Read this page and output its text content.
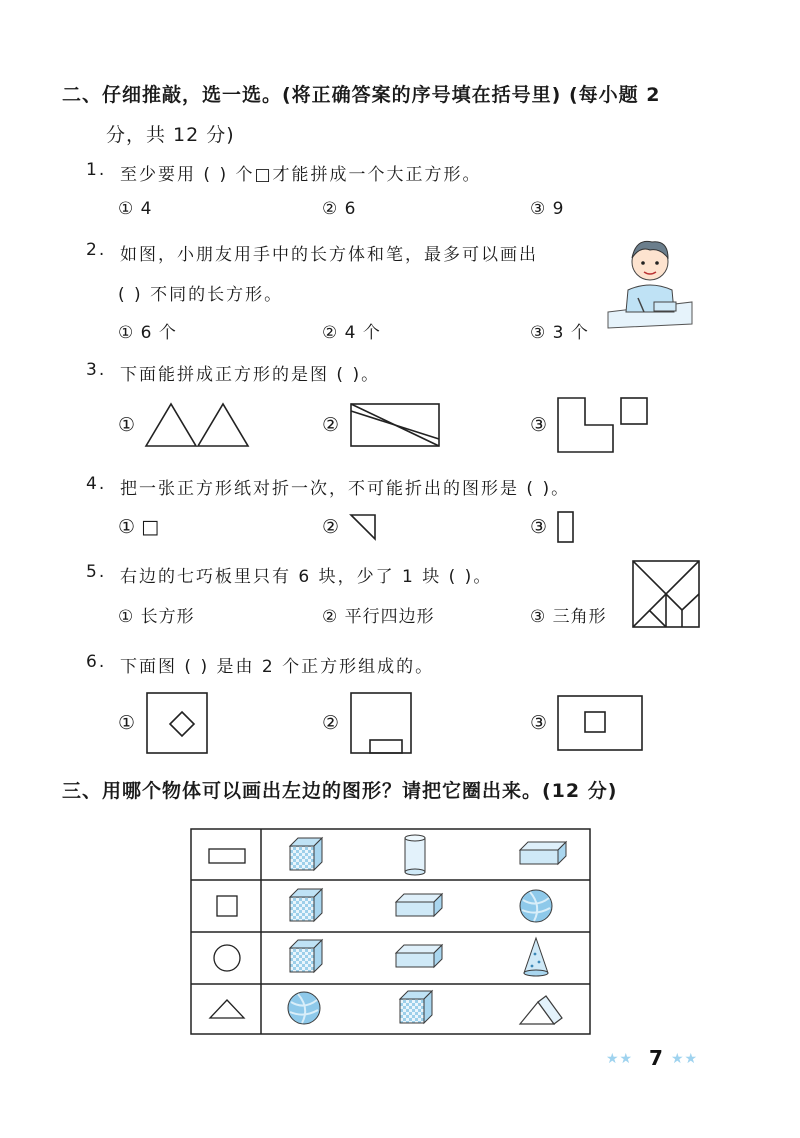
二、仔细推敲，选一选。(将正确答案的序号填在括号里) (每小题 2
分，共 12 分)
1. 至少要用 ( ) 个□才能拼成一个大正方形。
① 4	② 6	③ 9
2. 如图，小朋友用手中的长方体和笔，最多可以画出
( ) 不同的长方形。
① 6 个	② 4 个	③ 3 个
3. 下面能拼成正方形的是图 ( )。
①	②	③
4. 把一张正方形纸对折一次，不可能折出的图形是 ( )。
① □	②	③
5. 右边的七巧板里只有 6 块，少了 1 块 ( )。
① 长方形	② 平行四边形	③ 三角形
6. 下面图 ( ) 是由 2 个正方形组成的。
①	②	③
三、用哪个物体可以画出左边的图形？请把它圈出来。(12 分)
★★ 7 ★★
